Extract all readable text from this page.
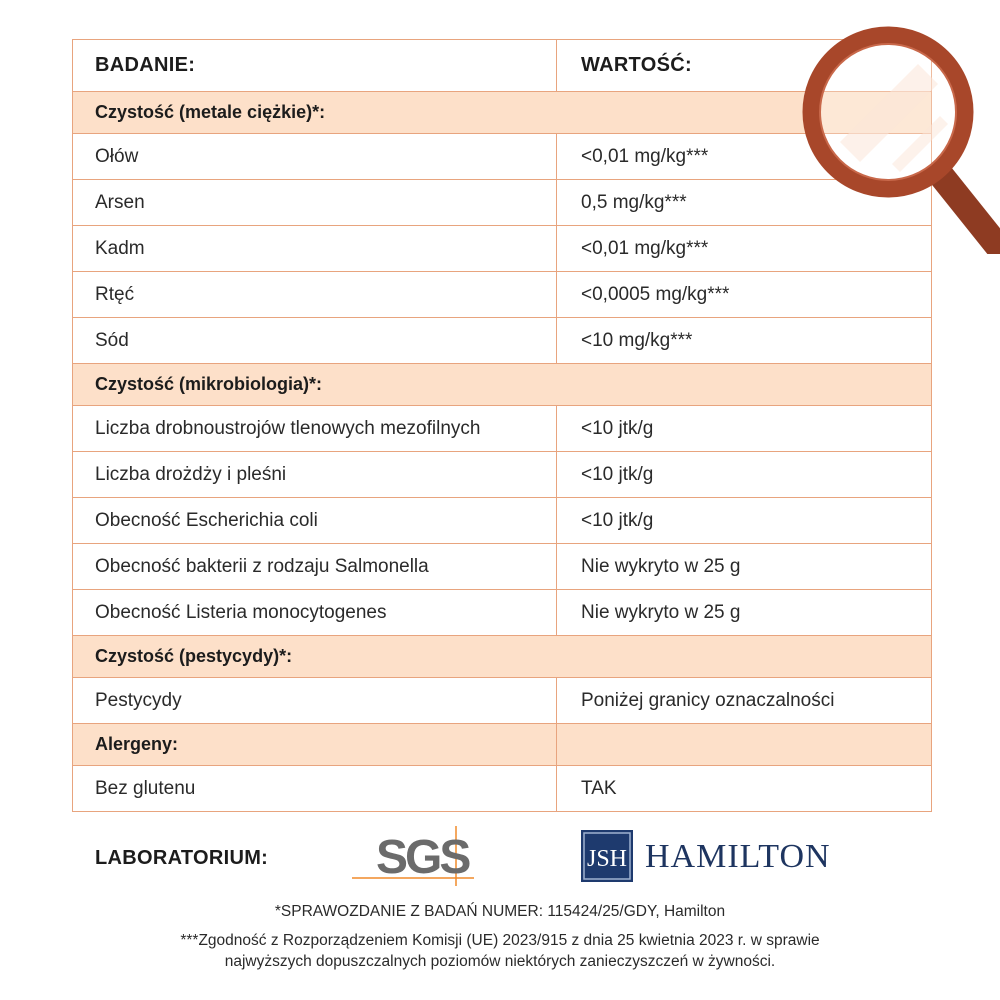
BADANIE:	WARTOŚĆ:
Czystość (metale ciężkie)*:
Ołów	<0,01 mg/kg***
Arsen	0,5 mg/kg***
Kadm	<0,01 mg/kg***
Rtęć	<0,0005 mg/kg***
Sód	<10 mg/kg***
Czystość (mikrobiologia)*:
Liczba drobnoustrojów tlenowych mezofilnych	<10 jtk/g
Liczba drożdży i pleśni	<10 jtk/g
Obecność Escherichia coli	<10 jtk/g
Obecność bakterii z rodzaju Salmonella	Nie wykryto w 25 g
Obecność Listeria monocytogenes	Nie wykryto w 25 g
Czystość (pestycydy)*:
Pestycydy	Poniżej granicy oznaczalności
Alergeny:
Bez glutenu	TAK
LABORATORIUM: SGS	JSH HAMILTON
*SPRAWOZDANIE Z BADAŃ NUMER: 115424/25/GDY, Hamilton
***Zgodność z Rozporządzeniem Komisji (UE) 2023/915 z dnia 25 kwietnia 2023 r. w sprawie
najwyższych dopuszczalnych poziomów niektórych zanieczyszczeń w żywności.
